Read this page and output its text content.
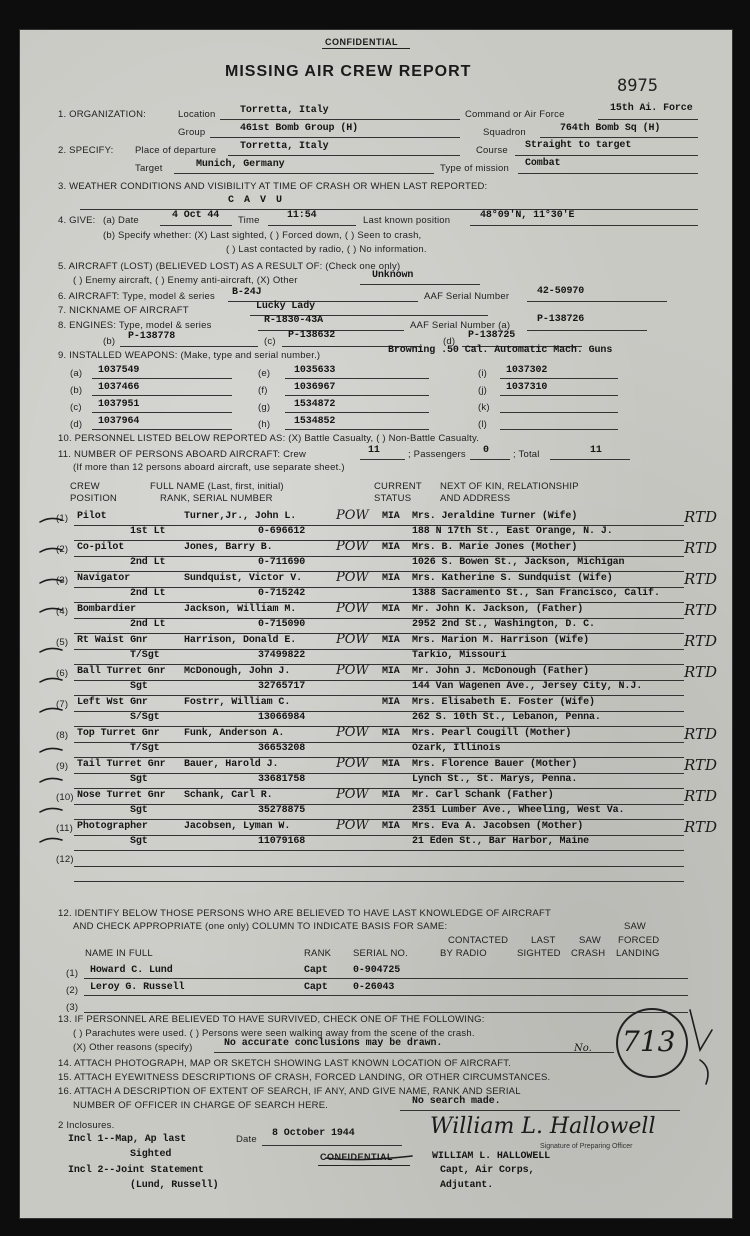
CONFIDENTIAL
MISSING AIR CREW REPORT
8975
1. ORGANIZATION:	Location Torretta, Italy	Command or Air Force
15th Ai. Force
Group	461st Bomb Group (H)	Squadron	764th Bomb Sq (H)
2. SPECIFY: Place of departure Torretta, Italy	Course Straight to target
Target	Munich, Germany	Type of mission Combat
3. WEATHER CONDITIONS AND VISIBILITY AT TIME OF CRASH OR WHEN LAST REPORTED:
C A V U
4. GIVE: (a) Date	4 Oct 44 Time	11:54	Last known position	48°09'N, 11°30'E
(b) Specify whether: (X) Last sighted, ( ) Forced down, ( ) Seen to crash,
( ) Last contacted by radio, ( ) No information.
5. AIRCRAFT (LOST) (BELIEVED LOST) AS A RESULT OF: (Check one only)
( ) Enemy aircraft, ( ) Enemy anti-aircraft, (X) Other	Unknown
6. AIRCRAFT: Type, model & series B-24J	AAF Serial Number	42-50970
7. NICKNAME OF AIRCRAFT	Lucky Lady
8. ENGINES: Type, model & series	R-1830-43A	AAF Serial Number (a)
P-138726
(b) P-138778	(c)
P-138632
(d)
P-138725
9. INSTALLED WEAPONS: (Make, type and serial number.)	Browning .50 Cal. Automatic Mach. Guns
(a) 1037549	(e) 1035633	(i) 1037302
(b) 1037466	(f)	1036967	(j) 1037310
(c) 1037951	(g) 1534872	(k)
(d) 1037964	(h) 1534852	(l)
10. PERSONNEL LISTED BELOW REPORTED AS: (X) Battle Casualty, ( ) Non-Battle Casualty.
11. NUMBER OF PERSONS ABOARD AIRCRAFT: Crew	11	; Passengers 0	; Total	11
(If more than 12 persons aboard aircraft, use separate sheet.)
CREW
POSITION
FULL NAME (Last, first, initial)
RANK, SERIAL NUMBER
CURRENT
STATUS
NEXT OF KIN, RELATIONSHIP
AND ADDRESS
(1) Pilot	Turner,Jr., John L.	MIA Mrs. Jeraldine Turner (Wife)
1st Lt	0-696612	188 N 17th St., East Orange, N. J.
RTD
POW
(2) Co-pilot	Jones, Barry B.	MIA Mrs. B. Marie Jones (Mother)
2nd Lt	0-711690	1026 S. Bowen St., Jackson, Michigan
RTD
POW
(3) Navigator	Sundquist, Victor V.	MIA Mrs. Katherine S. Sundquist (Wife)
2nd Lt	0-715242	1388 Sacramento St., San Francisco, Calif.
RTD
POW
(4) Bombardier	Jackson, William M.	MIA Mr. John K. Jackson, (Father)
2nd Lt	0-715090	2952 2nd St., Washington, D. C.
RTD
POW
(5) Rt Waist Gnr	Harrison, Donald E.	MIA Mrs. Marion M. Harrison (Wife)
T/Sgt	37499822	Tarkio, Missouri
RTD
POW
(6) Ball Turret Gnr McDonough, John J.	MIA Mr. John J. McDonough (Father)
Sgt	32765717	144 Van Wagenen Ave., Jersey City, N.J.
RTD
POW
(7) Left Wst Gnr	Fostrr, William C.	MIA Mrs. Elisabeth E. Foster (Wife)
S/Sgt	13066984	262 S. 10th St., Lebanon, Penna.
(8) Top Turret Gnr Funk, Anderson A.	MIA Mrs. Pearl Cougill (Mother)
T/Sgt	36653208	Ozark, Illinois
RTD
POW
(9) Tail Turret Gnr Bauer, Harold J.	MIA Mrs. Florence Bauer (Mother)
Sgt	33681758	Lynch St., St. Marys, Penna.
RTD
POW
(10) Nose Turret Gnr Schank, Carl R.	MIA Mr. Carl Schank (Father)
Sgt	35278875	2351 Lumber Ave., Wheeling, West Va.
RTD
POW
(11) Photographer	Jacobsen, Lyman W.	MIA Mrs. Eva A. Jacobsen (Mother)
Sgt	11079168	21 Eden St., Bar Harbor, Maine
RTD
POW
(12)
12. IDENTIFY BELOW THOSE PERSONS WHO ARE BELIEVED TO HAVE LAST KNOWLEDGE OF AIRCRAFT
AND CHECK APPROPRIATE (one only) COLUMN TO INDICATE BASIS FOR SAME:
CONTACTED
BY RADIO
LAST
SIGHTED
SAW
CRASH
SAW
FORCED
LANDING
NAME IN FULL	RANK SERIAL NO.
(1) Howard C. Lund	Capt	0-904725
(2) Leroy G. Russell	Capt	0-26043
(3)
13. IF PERSONNEL ARE BELIEVED TO HAVE SURVIVED, CHECK ONE OF THE FOLLOWING:
( ) Parachutes were used. ( ) Persons were seen walking away from the scene of the crash.
(X) Other reasons (specify)	No accurate conclusions may be drawn.
14. ATTACH PHOTOGRAPH, MAP OR SKETCH SHOWING LAST KNOWN LOCATION OF AIRCRAFT.
15. ATTACH EYEWITNESS DESCRIPTIONS OF CRASH, FORCED LANDING, OR OTHER CIRCUMSTANCES.
16. ATTACH A DESCRIPTION OF EXTENT OF SEARCH, IF ANY, AND GIVE NAME, RANK AND SERIAL
NUMBER OF OFFICER IN CHARGE OF SEARCH HERE.	No search made.
No. 713
2 Inclosures.
Incl 1--Map, Ap last
Sighted
Incl 2--Joint Statement
(Lund, Russell)
Date
8 October 1944	William L. Hallowell
Signature of Preparing Officer
WILLIAM L. HALLOWELL
Capt, Air Corps,
Adjutant.
CONFIDENTIAL
